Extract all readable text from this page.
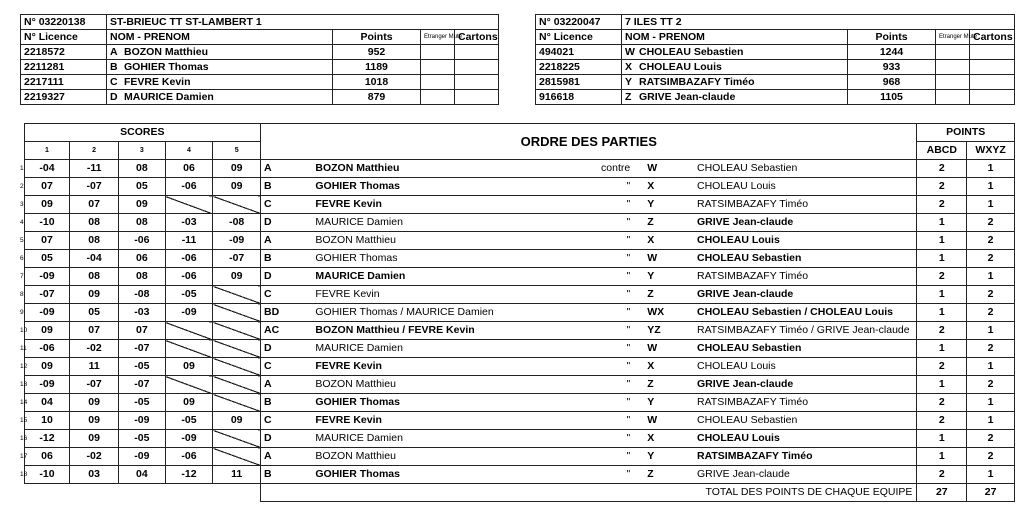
N° 03220138	ST-BRIEUC TT ST-LAMBERT 1			
N° Licence	NOM - PRENOM	Points	Etranger Muté	Cartons
2218572	A BOZON Matthieu	952		
2211281	B GOHIER Thomas	1189		
2217111	C FEVRE Kevin	1018		
2219327	D MAURICE Damien	879		
N° 03220047	7 ILES TT 2			
N° Licence	NOM - PRENOM	Points	Etranger Muté	Cartons
494021	W CHOLEAU Sebastien	1244		
2218225	X CHOLEAU Louis	933		
2815981	Y RATSIMBAZAFY Timéo	968		
916618	Z GRIVE Jean-claude	1105		
	SCORES					ORDRE DES PARTIES					POINTS	
	1	2	3	4	5						ABCD	WXYZ
1	-04	-11	08	06	09	A	BOZON Matthieu	contre	W	CHOLEAU Sebastien	2	1
2	07	-07	05	-06	09	B	GOHIER Thomas	"	X	CHOLEAU Louis	2	1
3	09	07	09			C	FEVRE Kevin	"	Y	RATSIMBAZAFY Timéo	2	1
4	-10	08	08	-03	-08	D	MAURICE Damien	"	Z	GRIVE Jean-claude	1	2
5	07	08	-06	-11	-09	A	BOZON Matthieu	"	X	CHOLEAU Louis	1	2
6	05	-04	06	-06	-07	B	GOHIER Thomas	"	W	CHOLEAU Sebastien	1	2
7	-09	08	08	-06	09	D	MAURICE Damien	"	Y	RATSIMBAZAFY Timéo	2	1
8	-07	09	-08	-05		C	FEVRE Kevin	"	Z	GRIVE Jean-claude	1	2
9	-09	05	-03	-09		BD	GOHIER Thomas / MAURICE Damien	"	WX	CHOLEAU Sebastien / CHOLEAU Louis	1	2
10	09	07	07			AC	BOZON Matthieu / FEVRE Kevin	"	YZ	RATSIMBAZAFY Timéo / GRIVE Jean-claude	2	1
11	-06	-02	-07			D	MAURICE Damien	"	W	CHOLEAU Sebastien	1	2
12	09	11	-05	09		C	FEVRE Kevin	"	X	CHOLEAU Louis	2	1
13	-09	-07	-07			A	BOZON Matthieu	"	Z	GRIVE Jean-claude	1	2
14	04	09	-05	09		B	GOHIER Thomas	"	Y	RATSIMBAZAFY Timéo	2	1
15	10	09	-09	-05	09	C	FEVRE Kevin	"	W	CHOLEAU Sebastien	2	1
16	-12	09	-05	-09		D	MAURICE Damien	"	X	CHOLEAU Louis	1	2
17	06	-02	-09	-06		A	BOZON Matthieu	"	Y	RATSIMBAZAFY Timéo	1	2
18	-10	03	04	-12	11	B	GOHIER Thomas	"	Z	GRIVE Jean-claude	2	1
						TOTAL DES POINTS DE CHAQUE EQUIPE					27	27
